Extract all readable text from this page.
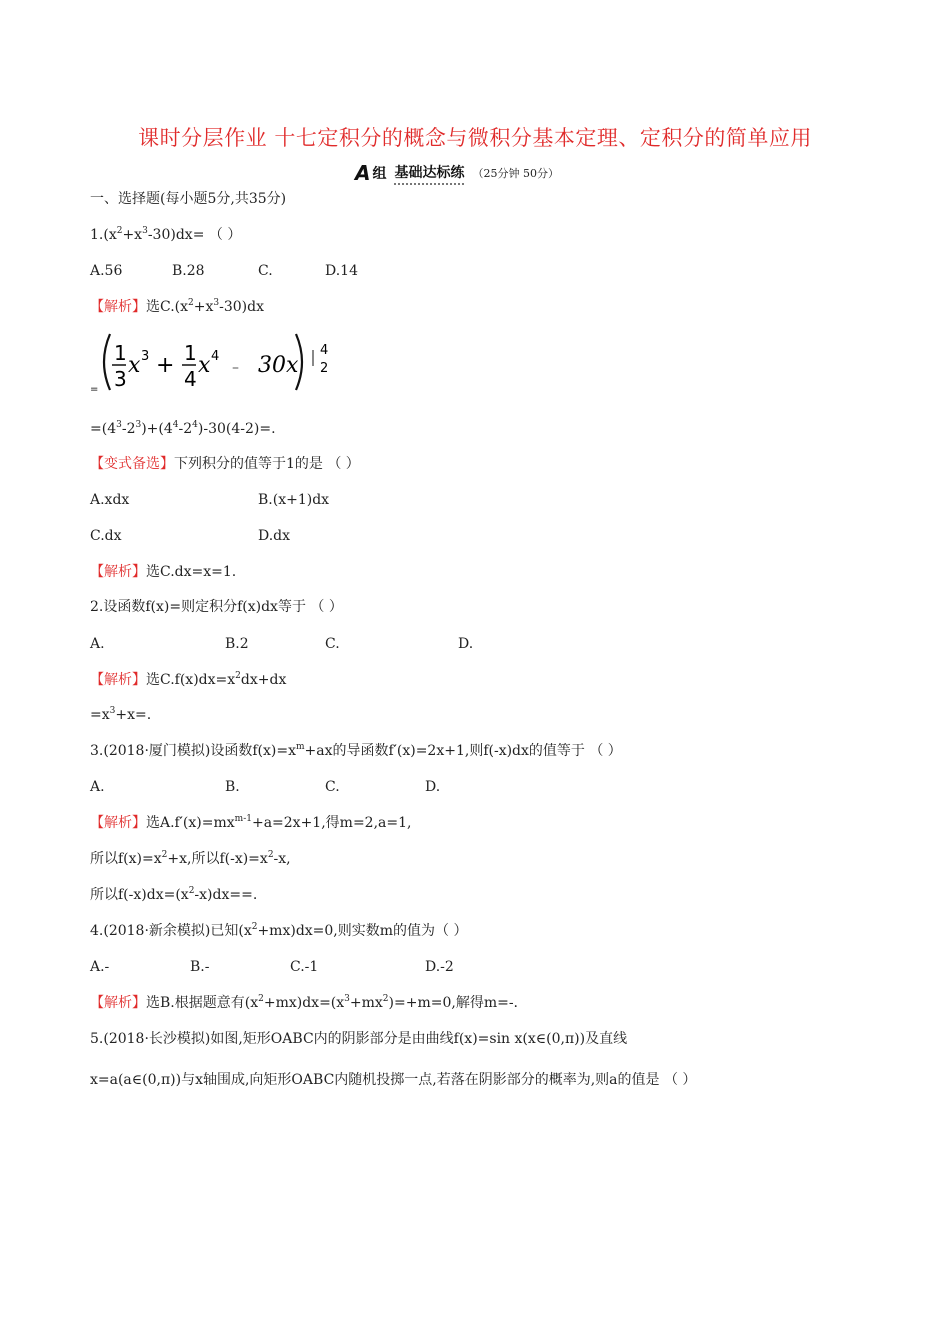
课时分层作业 十七定积分的概念与微积分基本定理、定积分的简单应用
A 组 基础达标练 （25分钟 50分）
一、选择题(每小题5分,共35分)
$1.(x^2+x^3-30)dx=$ （ ）
A.56	B.28	C.	D.14
【解析】选$C.(x^2+x^3-30)dx$
=
1
3
x 3 + 1
4
x 4
– 30x
4
2
$=(4^3-2^3)+(4^4-2^4)-30(4-2)=$.
【变式备选】下列积分的值等于1的是 （ ）
A.xdx	B.(x+1)dx
C.dx	D.dx
【解析】选C.dx=x=1.
2.设函数f(x)=则定积分f(x)dx等于 （ ）
A.	B.2	C.	D.
【解析】选$C.f(x)dx=x^2dx+dx$
$=x^3+x=$.
3.(2018·厦门模拟)设函数$f(x)=x^m+ax$的导函数f′(x)=2x+1,则f(-x)dx的值等于 （ ）
A.	B.	C.	D.
【解析】选$A.f'(x)=mx^{m-1}+a=2x+1$,得m=2,a=1,
所以$f(x)=x^2+x$,所以$f(-x)=x^2-x$,
所以$f(-x)dx=(x^2-x)dx==$.
4.(2018·新余模拟)已知$(x^2+mx)dx=0$,则实数m的值为（ ）
A.-	B.-	C.-1	D.-2
【解析】选B.根据题意有$(x^2+mx)dx=(x^3+mx^2)=+m=0$,解得m=-.
5.(2018·长沙模拟)如图,矩形OABC内的阴影部分是由曲线f(x)=sin x(x∈(0,π))及直线
x=a(a∈(0,π))与x轴围成,向矩形OABC内随机投掷一点,若落在阴影部分的概率为,则a的值是 （ ）
